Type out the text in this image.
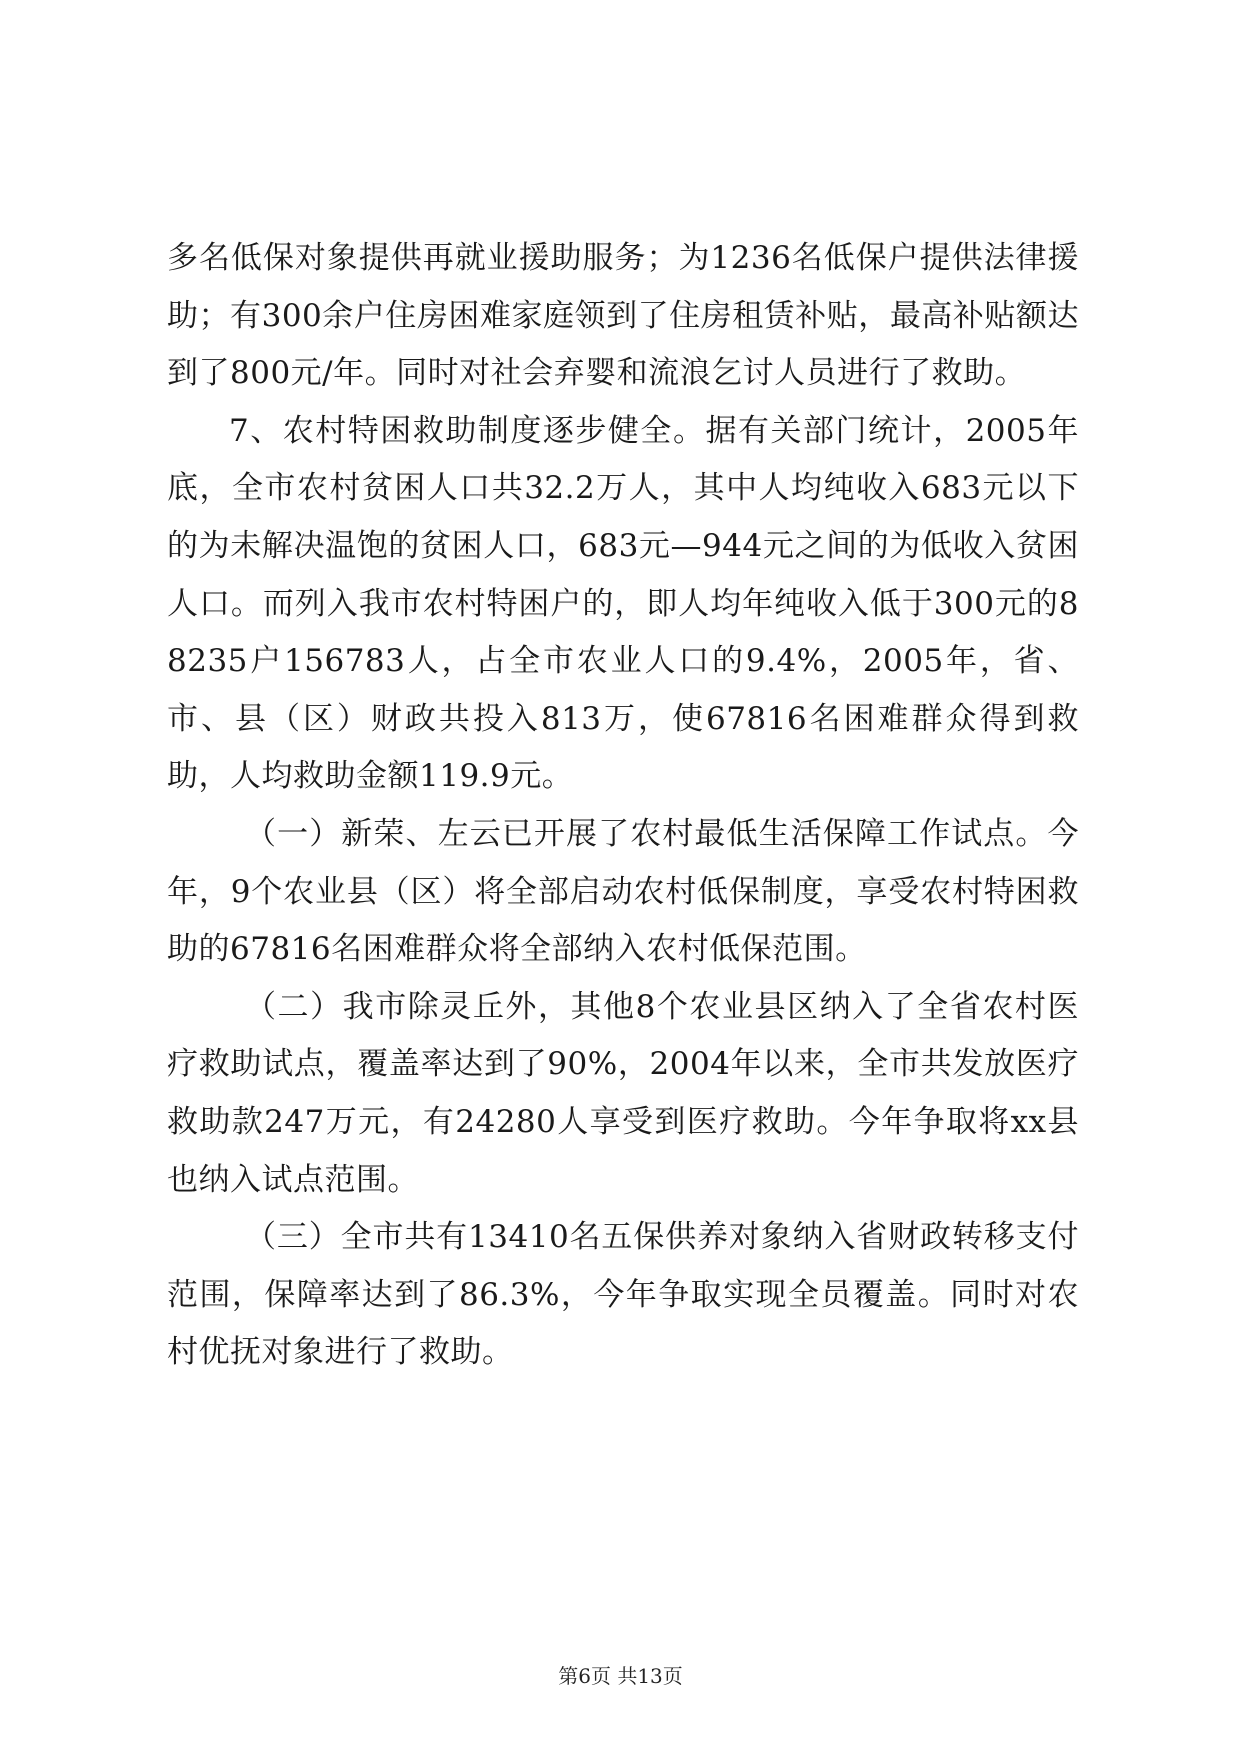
多名低保对象提供再就业援助服务；为1236名低保户提供法律援助；有300余户住房困难家庭领到了住房租赁补贴，最高补贴额达到了800元/年。同时对社会弃婴和流浪乞讨人员进行了救助。

7、农村特困救助制度逐步健全。据有关部门统计，2005年底，全市农村贫困人口共32.2万人，其中人均纯收入683元以下的为未解决温饱的贫困人口，683元—944元之间的为低收入贫困人口。而列入我市农村特困户的，即人均年纯收入低于300元的88235户156783人，占全市农业人口的9.4%，2005年，省、市、县（区）财政共投入813万，使67816名困难群众得到救助，人均救助金额119.9元。

（一）新荣、左云已开展了农村最低生活保障工作试点。今年，9个农业县（区）将全部启动农村低保制度，享受农村特困救助的67816名困难群众将全部纳入农村低保范围。

（二）我市除灵丘外，其他8个农业县区纳入了全省农村医疗救助试点，覆盖率达到了90%，2004年以来，全市共发放医疗救助款247万元，有24280人享受到医疗救助。今年争取将xx县也纳入试点范围。

（三）全市共有13410名五保供养对象纳入省财政转移支付范围，保障率达到了86.3%，今年争取实现全员覆盖。同时对农村优抚对象进行了救助。

第6页 共13页
